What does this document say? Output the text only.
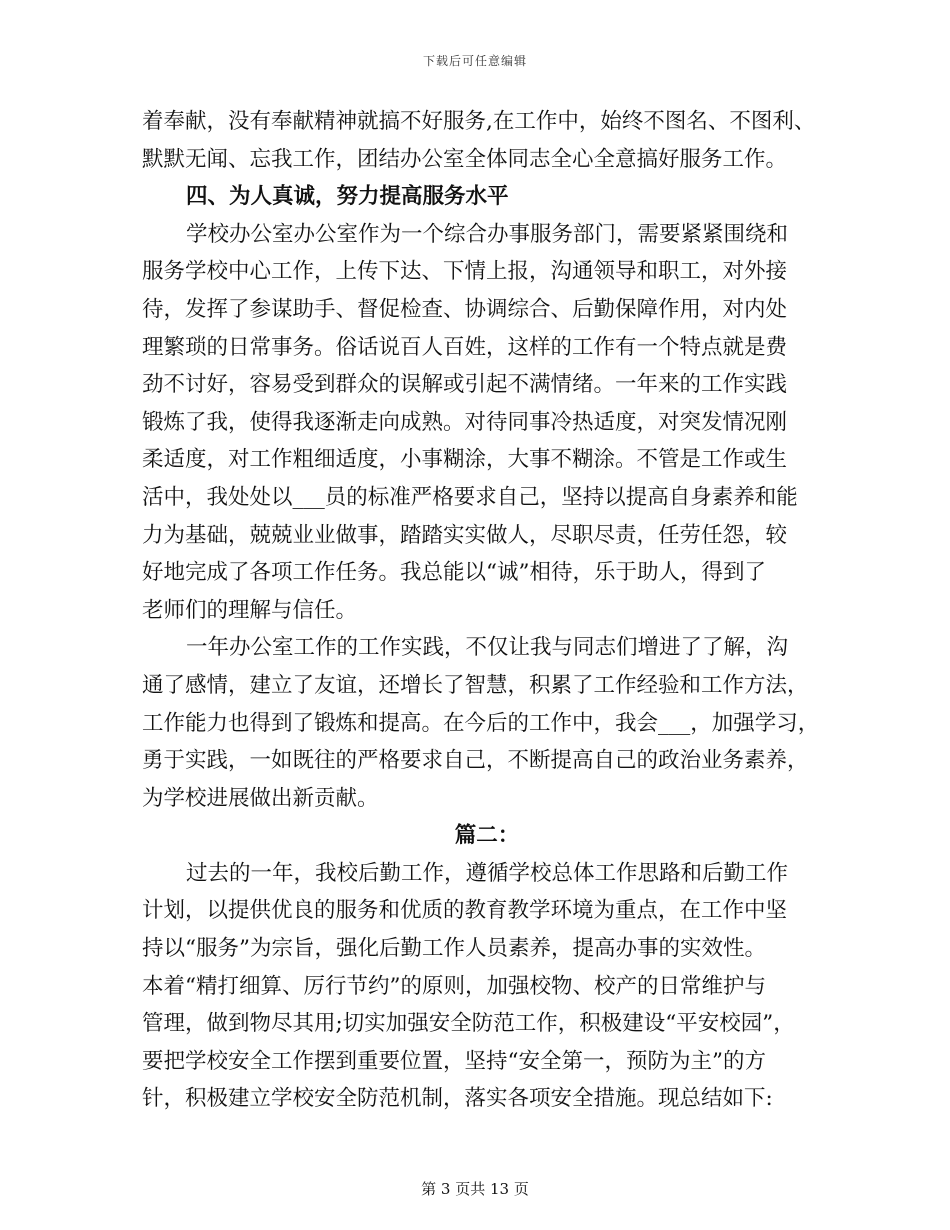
下载后可任意编辑
着奉献，没有奉献精神就搞不好服务,在工作中，始终不图名、不图利、
默默无闻、忘我工作，团结办公室全体同志全心全意搞好服务工作。
四、为人真诚，努力提高服务水平
学校办公室办公室作为一个综合办事服务部门，需要紧紧围绕和
服务学校中心工作，上传下达、下情上报，沟通领导和职工，对外接
待，发挥了参谋助手、督促检查、协调综合、后勤保障作用，对内处
理繁琐的日常事务。俗话说百人百姓，这样的工作有一个特点就是费
劲不讨好，容易受到群众的误解或引起不满情绪。一年来的工作实践
锻炼了我，使得我逐渐走向成熟。对待同事冷热适度，对突发情况刚
柔适度，对工作粗细适度，小事糊涂，大事不糊涂。不管是工作或生
活中，我处处以___员的标准严格要求自己，坚持以提高自身素养和能
力为基础，兢兢业业做事，踏踏实实做人，尽职尽责，任劳任怨，较
好地完成了各项工作任务。我总能以“诚”相待，乐于助人，得到了
老师们的理解与信任。
一年办公室工作的工作实践，不仅让我与同志们增进了了解，沟
通了感情，建立了友谊，还增长了智慧，积累了工作经验和工作方法，
工作能力也得到了锻炼和提高。在今后的工作中，我会___，加强学习，
勇于实践，一如既往的严格要求自己，不断提高自己的政治业务素养，
为学校进展做出新贡献。
篇二：
过去的一年，我校后勤工作，遵循学校总体工作思路和后勤工作
计划，以提供优良的服务和优质的教育教学环境为重点，在工作中坚
持以“服务”为宗旨，强化后勤工作人员素养，提高办事的实效性。
本着“精打细算、厉行节约”的原则，加强校物、校产的日常维护与
管理，做到物尽其用;切实加强安全防范工作，积极建设“平安校园”，
要把学校安全工作摆到重要位置，坚持“安全第一，预防为主”的方
针，积极建立学校安全防范机制，落实各项安全措施。现总结如下:
第 3 页共 13 页
